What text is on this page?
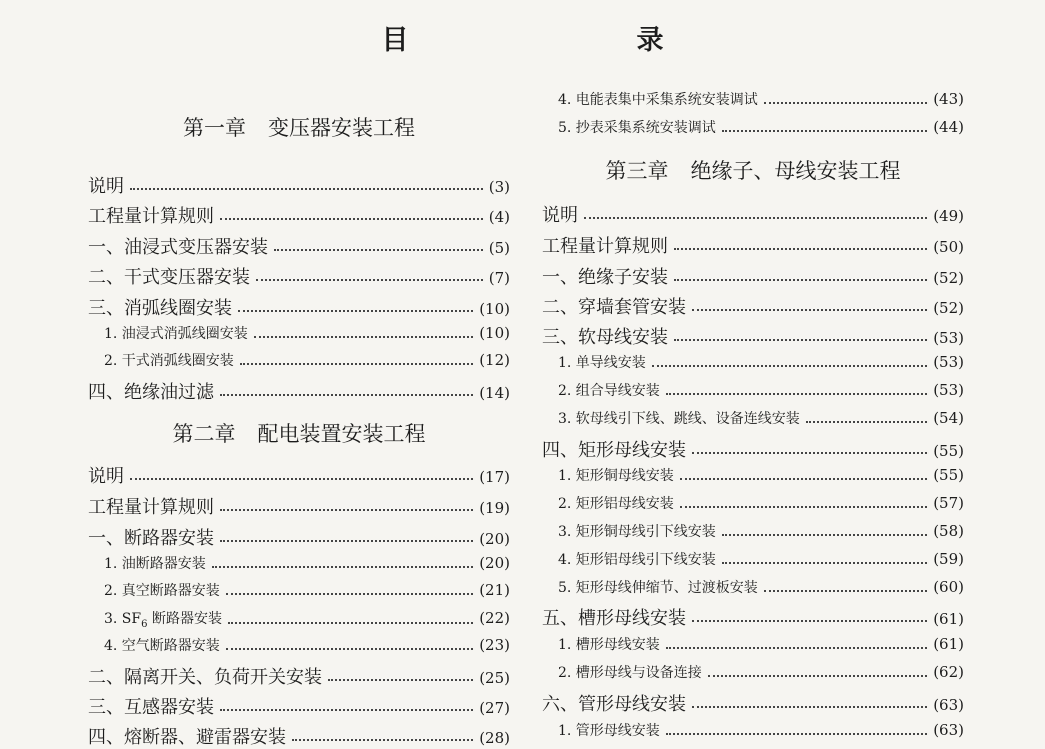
目　　录
第一章 变压器安装工程
说明	(3)
工程量计算规则	(4)
一、油浸式变压器安装	(5)
二、干式变压器安装	(7)
三、消弧线圈安装	(10)
1. 油浸式消弧线圈安装	(10)
2. 干式消弧线圈安装	(12)
四、绝缘油过滤	(14)
第二章 配电装置安装工程
说明	(17)
工程量计算规则	(19)
一、断路器安装	(20)
1. 油断路器安装	(20)
2. 真空断路器安装	(21)
3. $SF_6$ 断路器安装	(22)
4. 空气断路器安装	(23)
二、隔离开关、负荷开关安装	(25)
三、互感器安装	(27)
四、熔断器、避雷器安装	(28)
4. 电能表集中采集系统安装调试	(43)
5. 抄表采集系统安装调试	(44)
第三章 绝缘子、母线安装工程
说明	(49)
工程量计算规则	(50)
一、绝缘子安装	(52)
二、穿墙套管安装	(52)
三、软母线安装	(53)
1. 单导线安装	(53)
2. 组合导线安装	(53)
3. 软母线引下线、跳线、设备连线安装	(54)
四、矩形母线安装	(55)
1. 矩形铜母线安装	(55)
2. 矩形铝母线安装	(57)
3. 矩形铜母线引下线安装	(58)
4. 矩形铝母线引下线安装	(59)
5. 矩形母线伸缩节、过渡板安装	(60)
五、槽形母线安装	(61)
1. 槽形母线安装	(61)
2. 槽形母线与设备连接	(62)
六、管形母线安装	(63)
1. 管形母线安装	(63)
